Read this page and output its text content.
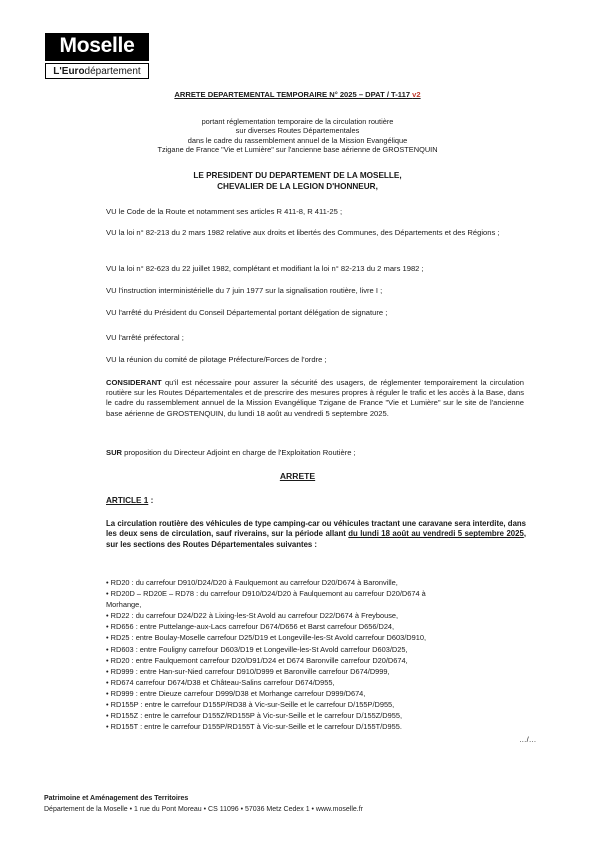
Moselle
L'Eurodépartement
ARRETE DEPARTEMENTAL TEMPORAIRE N° 2025 – DPAT / T-117 v2
portant réglementation temporaire de la circulation routière
sur diverses Routes Départementales
dans le cadre du rassemblement annuel de la Mission Evangélique
Tzigane de France "Vie et Lumière" sur l'ancienne base aérienne de GROSTENQUIN
LE PRESIDENT DU DEPARTEMENT DE LA MOSELLE,
CHEVALIER DE LA LEGION D'HONNEUR,
VU le Code de la Route et notamment ses articles R 411-8, R 411-25 ;
VU la loi n° 82-213 du 2 mars 1982 relative aux droits et libertés des Communes, des Départements et des Régions ;
VU la loi n° 82-623 du 22 juillet 1982, complétant et modifiant la loi n° 82-213 du 2 mars 1982 ;
VU l'instruction interministérielle du 7 juin 1977 sur la signalisation routière, livre I ;
VU l'arrêté du Président du Conseil Départemental portant délégation de signature ;
VU l'arrêté préfectoral ;
VU la réunion du comité de pilotage Préfecture/Forces de l'ordre ;
CONSIDERANT qu'il est nécessaire pour assurer la sécurité des usagers, de réglementer temporairement la circulation routière sur les Routes Départementales et de prescrire des mesures propres à réguler le trafic et les accès à la Base, dans le cadre du rassemblement annuel de la Mission Evangélique Tzigane de France "Vie et Lumière" sur le site de l'ancienne base aérienne de GROSTENQUIN, du lundi 18 août au vendredi 5 septembre 2025.
SUR proposition du Directeur Adjoint en charge de l'Exploitation Routière ;
ARRETE
ARTICLE 1 :
La circulation routière des véhicules de type camping-car ou véhicules tractant une caravane sera interdite, dans les deux sens de circulation, sauf riverains, sur la période allant du lundi 18 août au vendredi 5 septembre 2025, sur les sections des Routes Départementales suivantes :
• RD20 : du carrefour D910/D24/D20 à Faulquemont au carrefour D20/D674 à Baronville,
• RD20D – RD20E – RD78 : du carrefour D910/D24/D20 à Faulquemont au carrefour D20/D674 à
Morhange,
• RD22 : du carrefour D24/D22 à Lixing-les-St Avold au carrefour D22/D674 à Freybouse,
• RD656 : entre Puttelange-aux-Lacs carrefour D674/D656 et Barst carrefour D656/D24,
• RD25 : entre Boulay-Moselle carrefour D25/D19 et Longeville-les-St Avold carrefour D603/D910,
• RD603 : entre Fouligny carrefour D603/D19 et Longeville-les-St Avold carrefour D603/D25,
• RD20 : entre Faulquemont carrefour D20/D91/D24 et D674 Baronville carrefour D20/D674,
• RD999 : entre Han-sur-Nied carrefour D910/D999 et Baronville carrefour D674/D999,
• RD674 carrefour D674/D38 et Château-Salins carrefour D674/D955,
• RD999 : entre Dieuze carrefour D999/D38 et Morhange carrefour D999/D674,
• RD155P : entre le carrefour D155P/RD38 à Vic-sur-Seille et le carrefour D/155P/D955,
• RD155Z : entre le carrefour D155Z/RD155P à Vic-sur-Seille et le carrefour D/155Z/D955,
• RD155T : entre le carrefour D155P/RD155T à Vic-sur-Seille et le carrefour D/155T/D955.
…/…
Patrimoine et Aménagement des Territoires
Département de la Moselle • 1 rue du Pont Moreau • CS 11096 • 57036 Metz Cedex 1 • www.moselle.fr
